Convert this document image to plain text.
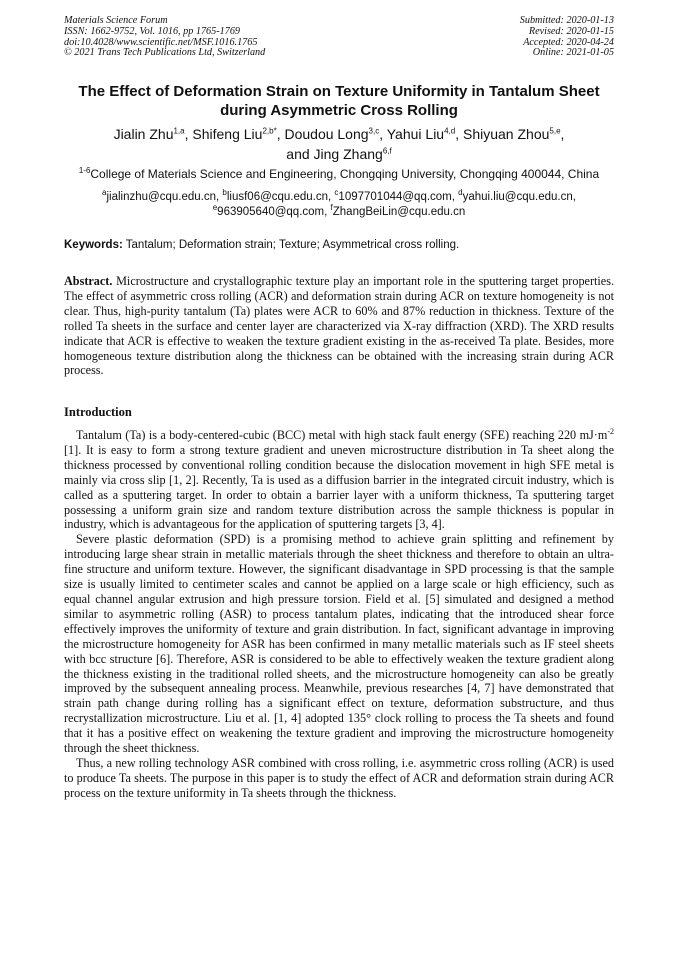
Materials Science Forum
ISSN: 1662-9752, Vol. 1016, pp 1765-1769
doi:10.4028/www.scientific.net/MSF.1016.1765
© 2021 Trans Tech Publications Ltd, Switzerland
Submitted: 2020-01-13
Revised: 2020-01-15
Accepted: 2020-04-24
Online: 2021-01-05
The Effect of Deformation Strain on Texture Uniformity in Tantalum Sheet during Asymmetric Cross Rolling
Jialin Zhu$^{1,a}$, Shifeng Liu$^{2,b*}$, Doudou Long$^{3,c}$, Yahui Liu$^{4,d}$, Shiyuan Zhou$^{5,e}$,
and Jing Zhang$^{6,f}$
$^{1-6}$College of Materials Science and Engineering, Chongqing University, Chongqing 400044, China
$^a$jialinzhu@cqu.edu.cn, $^b$liusf06@cqu.edu.cn, $^c$1097701044@qq.com, $^d$yahui.liu@cqu.edu.cn,
$^e$963905640@qq.com, $^f$ZhangBeiLin@cqu.edu.cn
Keywords: Tantalum; Deformation strain; Texture; Asymmetrical cross rolling.
Abstract. Microstructure and crystallographic texture play an important role in the sputtering target properties. The effect of asymmetric cross rolling (ACR) and deformation strain during ACR on texture homogeneity is not clear. Thus, high-purity tantalum (Ta) plates were ACR to 60% and 87% reduction in thickness. Texture of the rolled Ta sheets in the surface and center layer are characterized via X-ray diffraction (XRD). The XRD results indicate that ACR is effective to weaken the texture gradient existing in the as-received Ta plate. Besides, more homogeneous texture distribution along the thickness can be obtained with the increasing strain during ACR process.
Introduction

Tantalum (Ta) is a body-centered-cubic (BCC) metal with high stack fault energy (SFE) reaching 220 $mJ\cdot m^{-2}$ [1]. It is easy to form a strong texture gradient and uneven microstructure distribution in Ta sheet along the thickness processed by conventional rolling condition because the dislocation movement in high SFE metal is mainly via cross slip [1, 2]. Recently, Ta is used as a diffusion barrier in the integrated circuit industry, which is called as a sputtering target. In order to obtain a barrier layer with a uniform thickness, Ta sputtering target possessing a uniform grain size and random texture distribution across the sample thickness is popular in industry, which is advantageous for the application of sputtering targets [3, 4].

Severe plastic deformation (SPD) is a promising method to achieve grain splitting and refinement by introducing large shear strain in metallic materials through the sheet thickness and therefore to obtain an ultra-fine structure and uniform texture. However, the significant disadvantage in SPD processing is that the sample size is usually limited to centimeter scales and cannot be applied on a large scale or high efficiency, such as equal channel angular extrusion and high pressure torsion. Field et al. [5] simulated and designed a method similar to asymmetric rolling (ASR) to process tantalum plates, indicating that the introduced shear force effectively improves the uniformity of texture and grain distribution. In fact, significant advantage in improving the microstructure homogeneity for ASR has been confirmed in many metallic materials such as IF steel sheets with bcc structure [6]. Therefore, ASR is considered to be able to effectively weaken the texture gradient along the thickness existing in the traditional rolled sheets, and the microstructure homogeneity can also be greatly improved by the subsequent annealing process. Meanwhile, previous researches [4, 7] have demonstrated that strain path change during rolling has a significant effect on texture, deformation substructure, and thus recrystallization microstructure. Liu et al. [1, 4] adopted 135° clock rolling to process the Ta sheets and found that it has a positive effect on weakening the texture gradient and improving the microstructure homogeneity through the sheet thickness.

Thus, a new rolling technology ASR combined with cross rolling, i.e. asymmetric cross rolling (ACR) is used to produce Ta sheets. The purpose in this paper is to study the effect of ACR and deformation strain during ACR process on the texture uniformity in Ta sheets through the thickness.
